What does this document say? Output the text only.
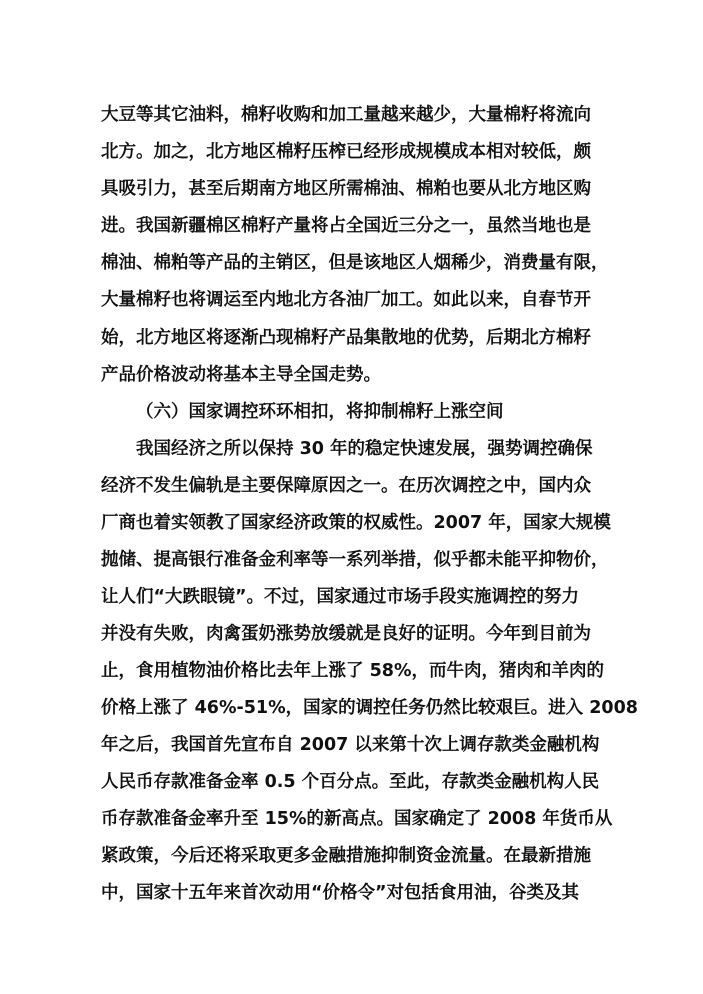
大豆等其它油料，棉籽收购和加工量越来越少，大量棉籽将流向
北方。加之，北方地区棉籽压榨已经形成规模成本相对较低，颇
具吸引力，甚至后期南方地区所需棉油、棉粕也要从北方地区购
进。我国新疆棉区棉籽产量将占全国近三分之一，虽然当地也是
棉油、棉粕等产品的主销区，但是该地区人烟稀少，消费量有限，
大量棉籽也将调运至内地北方各油厂加工。如此以来，自春节开
始，北方地区将逐渐凸现棉籽产品集散地的优势，后期北方棉籽
产品价格波动将基本主导全国走势。
（六）国家调控环环相扣，将抑制棉籽上涨空间
我国经济之所以保持 30 年的稳定快速发展，强势调控确保
经济不发生偏轨是主要保障原因之一。在历次调控之中，国内众
厂商也着实领教了国家经济政策的权威性。2007 年，国家大规模
抛储、提高银行准备金利率等一系列举措，似乎都未能平抑物价，
让人们“大跌眼镜”。不过，国家通过市场手段实施调控的努力
并没有失败，肉禽蛋奶涨势放缓就是良好的证明。今年到目前为
止，食用植物油价格比去年上涨了 58%，而牛肉，猪肉和羊肉的
价格上涨了 46%-51%，国家的调控任务仍然比较艰巨。进入 2008
年之后，我国首先宣布自 2007 以来第十次上调存款类金融机构
人民币存款准备金率 0.5 个百分点。至此，存款类金融机构人民
币存款准备金率升至 15%的新高点。国家确定了 2008 年货币从
紧政策，今后还将采取更多金融措施抑制资金流量。在最新措施
中，国家十五年来首次动用“价格令”对包括食用油，谷类及其
